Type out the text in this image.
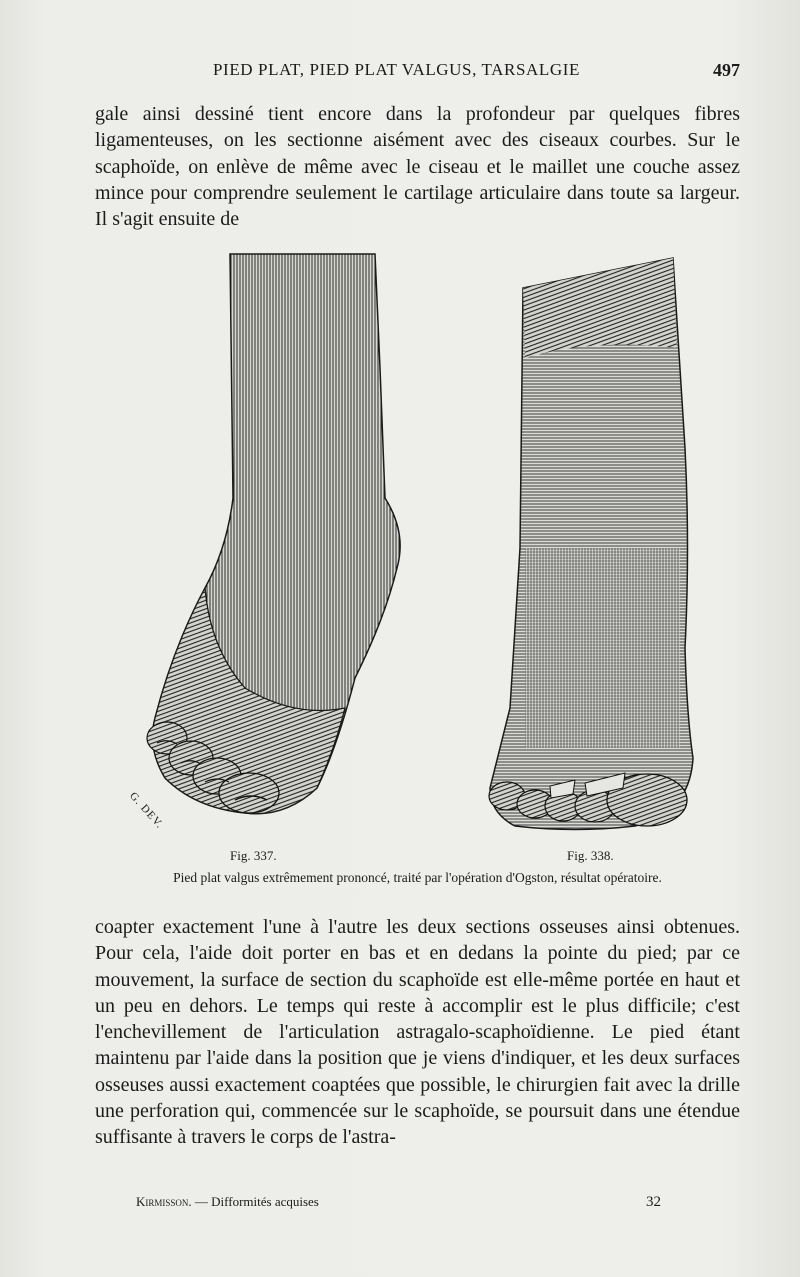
PIED PLAT, PIED PLAT VALGUS, TARSALGIE	497

gale ainsi dessiné tient encore dans la profondeur par quelques fibres ligamenteuses, on les sectionne aisément avec des ciseaux courbes. Sur le scaphoïde, on enlève de même avec le ciseau et le maillet une couche assez mince pour comprendre seulement le cartilage articulaire dans toute sa largeur. Il s'agit ensuite de

G. DEV.
Fig. 337.	Fig. 338.
Pied plat valgus extrêmement prononcé, traité par l'opération d'Ogston, résultat opératoire.

coapter exactement l'une à l'autre les deux sections osseuses ainsi obtenues. Pour cela, l'aide doit porter en bas et en dedans la pointe du pied; par ce mouvement, la surface de section du scaphoïde est elle-même portée en haut et un peu en dehors. Le temps qui reste à accomplir est le plus difficile; c'est l'enchevillement de l'articulation astragalo-scaphoïdienne. Le pied étant maintenu par l'aide dans la position que je viens d'indiquer, et les deux surfaces osseuses aussi exactement coaptées que possible, le chirurgien fait avec la drille une perforation qui, commencée sur le scaphoïde, se poursuit dans une étendue suffisante à travers le corps de l'astra-

Kirmisson. — Difformités acquises	32
